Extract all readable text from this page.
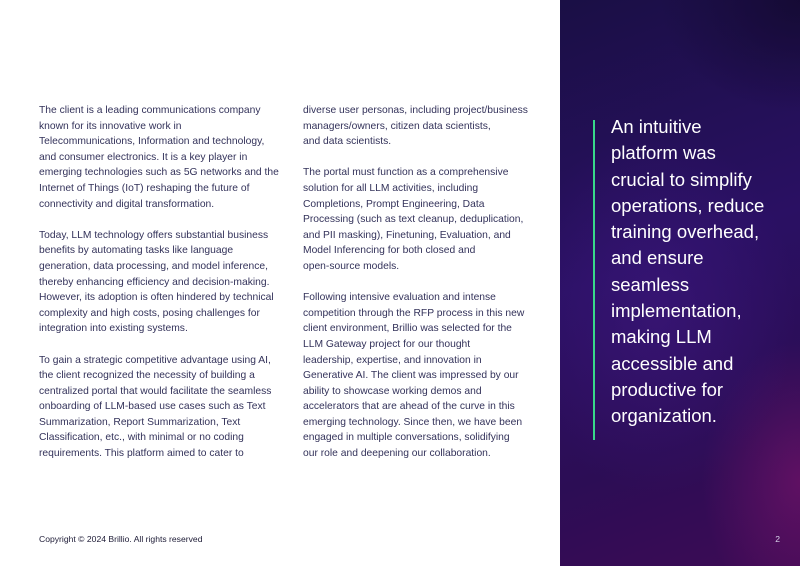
The client is a leading communications company
known for its innovative work in
Telecommunications, Information and technology,
and consumer electronics. It is a key player in
emerging technologies such as 5G networks and the
Internet of Things (IoT) reshaping the future of
connectivity and digital transformation.

Today, LLM technology offers substantial business
benefits by automating tasks like language
generation, data processing, and model inference,
thereby enhancing efficiency and decision-making.
However, its adoption is often hindered by technical
complexity and high costs, posing challenges for
integration into existing systems.

To gain a strategic competitive advantage using AI,
the client recognized the necessity of building a
centralized portal that would facilitate the seamless
onboarding of LLM-based use cases such as Text
Summarization, Report Summarization, Text
Classification, etc., with minimal or no coding
requirements. This platform aimed to cater to

diverse user personas, including project/business
managers/owners, citizen data scientists,
and data scientists.

The portal must function as a comprehensive
solution for all LLM activities, including
Completions, Prompt Engineering, Data
Processing (such as text cleanup, deduplication,
and PII masking), Finetuning, Evaluation, and
Model Inferencing for both closed and
open-source models.

Following intensive evaluation and intense
competition through the RFP process in this new
client environment, Brillio was selected for the
LLM Gateway project for our thought
leadership, expertise, and innovation in
Generative AI. The client was impressed by our
ability to showcase working demos and
accelerators that are ahead of the curve in this
emerging technology. Since then, we have been
engaged in multiple conversations, solidifying
our role and deepening our collaboration.

Copyright © 2024 Brillio. All rights reserved
An intuitive
platform was
crucial to simplify
operations, reduce
training overhead,
and ensure
seamless
implementation,
making LLM
accessible and
productive for
organization.
2
